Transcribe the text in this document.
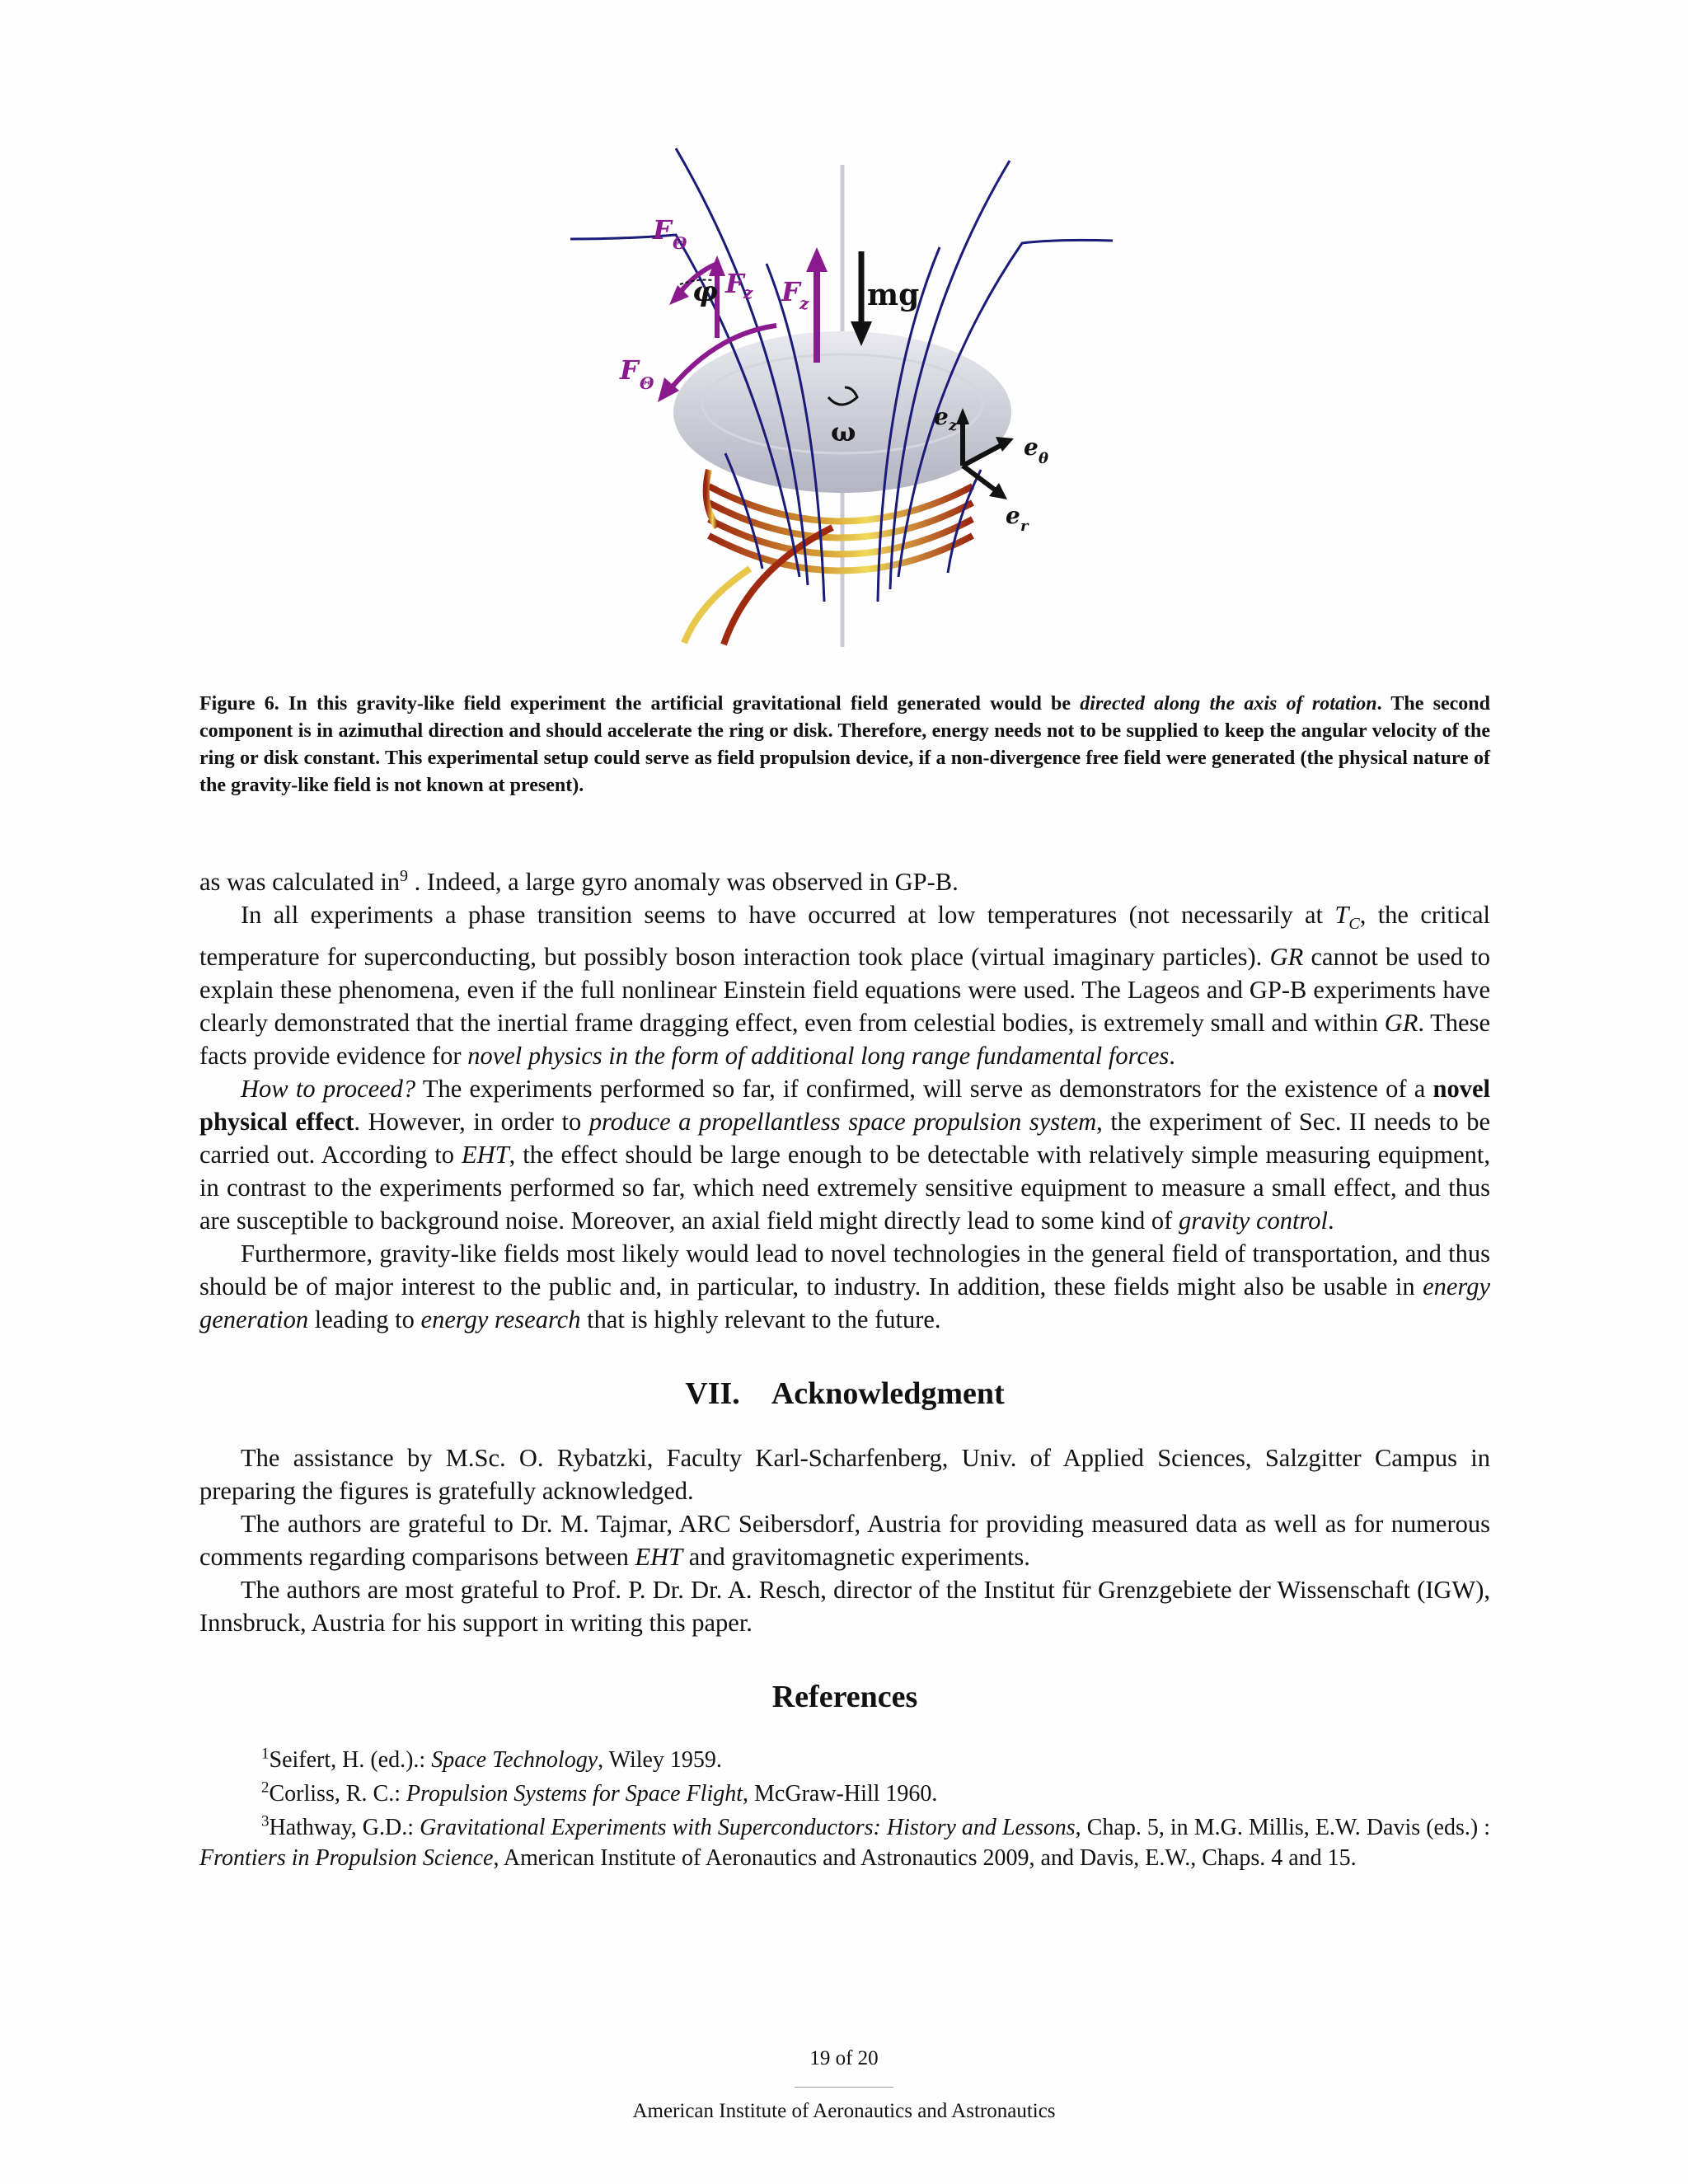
F Θ
F z
φ F z mg
F Θ
ω	e z
e θ
e r
Figure 6. In this gravity-like field experiment the artificial gravitational field generated would be directed along the axis of rotation. The second component is in azimuthal direction and should accelerate the ring or disk. Therefore, energy needs not to be supplied to keep the angular velocity of the ring or disk constant. This experimental setup could serve as field propulsion device, if a non-divergence free field were generated (the physical nature of the gravity-like field is not known at present).

as was calculated $in^9$ . Indeed, a large gyro anomaly was observed in GP-B.

In all experiments a phase transition seems to have occurred at low temperatures (not necessarily at $T_C$, the critical temperature for superconducting, but possibly boson interaction took place (virtual imaginary particles). GR cannot be used to explain these phenomena, even if the full nonlinear Einstein field equations were used. The Lageos and GP-B experiments have clearly demonstrated that the inertial frame dragging effect, even from celestial bodies, is extremely small and within GR. These facts provide evidence for novel physics in the form of additional long range fundamental forces.

How to proceed? The experiments performed so far, if confirmed, will serve as demonstrators for the existence of a novel physical effect. However, in order to produce a propellantless space propulsion system, the experiment of Sec. II needs to be carried out. According to EHT, the effect should be large enough to be detectable with relatively simple measuring equipment, in contrast to the experiments performed so far, which need extremely sensitive equipment to measure a small effect, and thus are susceptible to background noise. Moreover, an axial field might directly lead to some kind of gravity control.

Furthermore, gravity-like fields most likely would lead to novel technologies in the general field of transportation, and thus should be of major interest to the public and, in particular, to industry. In addition, these fields might also be usable in energy generation leading to energy research that is highly relevant to the future.

VII. Acknowledgment

The assistance by M.Sc. O. Rybatzki, Faculty Karl-Scharfenberg, Univ. of Applied Sciences, Salzgitter Campus in preparing the figures is gratefully acknowledged.

The authors are grateful to Dr. M. Tajmar, ARC Seibersdorf, Austria for providing measured data as well as for numerous comments regarding comparisons between EHT and gravitomagnetic experiments.

The authors are most grateful to Prof. P. Dr. Dr. A. Resch, director of the Institut für Grenzgebiete der Wissenschaft (IGW), Innsbruck, Austria for his support in writing this paper.

References

$^1$Seifert, H. (ed.).: Space Technology, Wiley 1959.

$^2$Corliss, R. C.: Propulsion Systems for Space Flight, McGraw-Hill 1960.

$^3$Hathway, G.D.: Gravitational Experiments with Superconductors: History and Lessons, Chap. 5, in M.G. Millis, E.W. Davis (eds.) : Frontiers in Propulsion Science, American Institute of Aeronautics and Astronautics 2009, and Davis, E.W., Chaps. 4 and 15.

19 of 20
American Institute of Aeronautics and Astronautics
